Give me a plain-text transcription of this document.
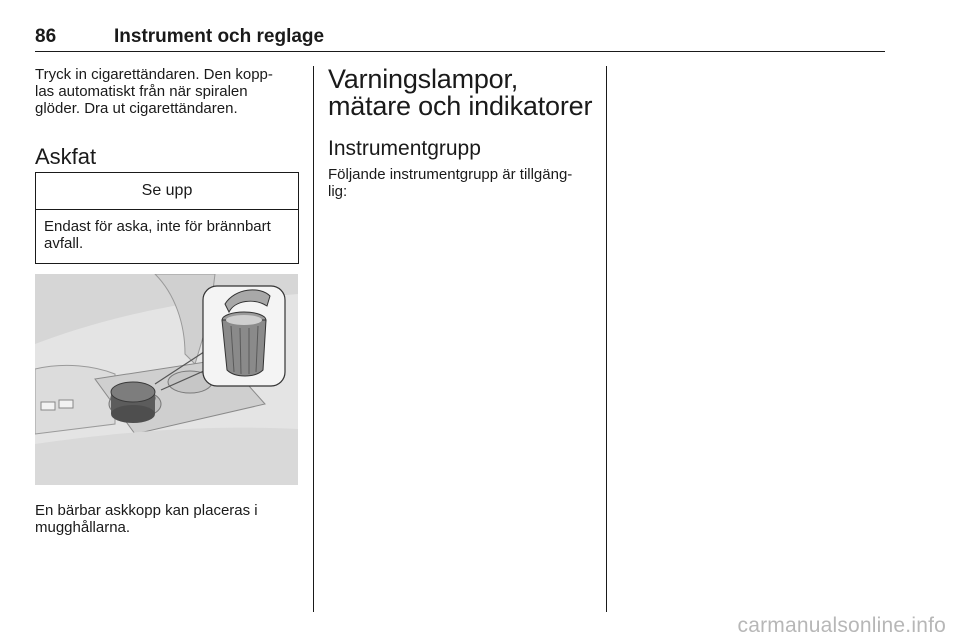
86	Instrument och reglage

Tryck in cigarettändaren. Den kopp-
las automatiskt från när spiralen
glöder. Dra ut cigarettändaren.

Askfat
Se upp
Endast för aska, inte för brännbart
avfall.

En bärbar askkopp kan placeras i
mugghållarna.

Varningslampor,
mätare och indikatorer
Instrumentgrupp

Följande instrumentgrupp är tillgäng-
lig:

carmanualsonline.info
